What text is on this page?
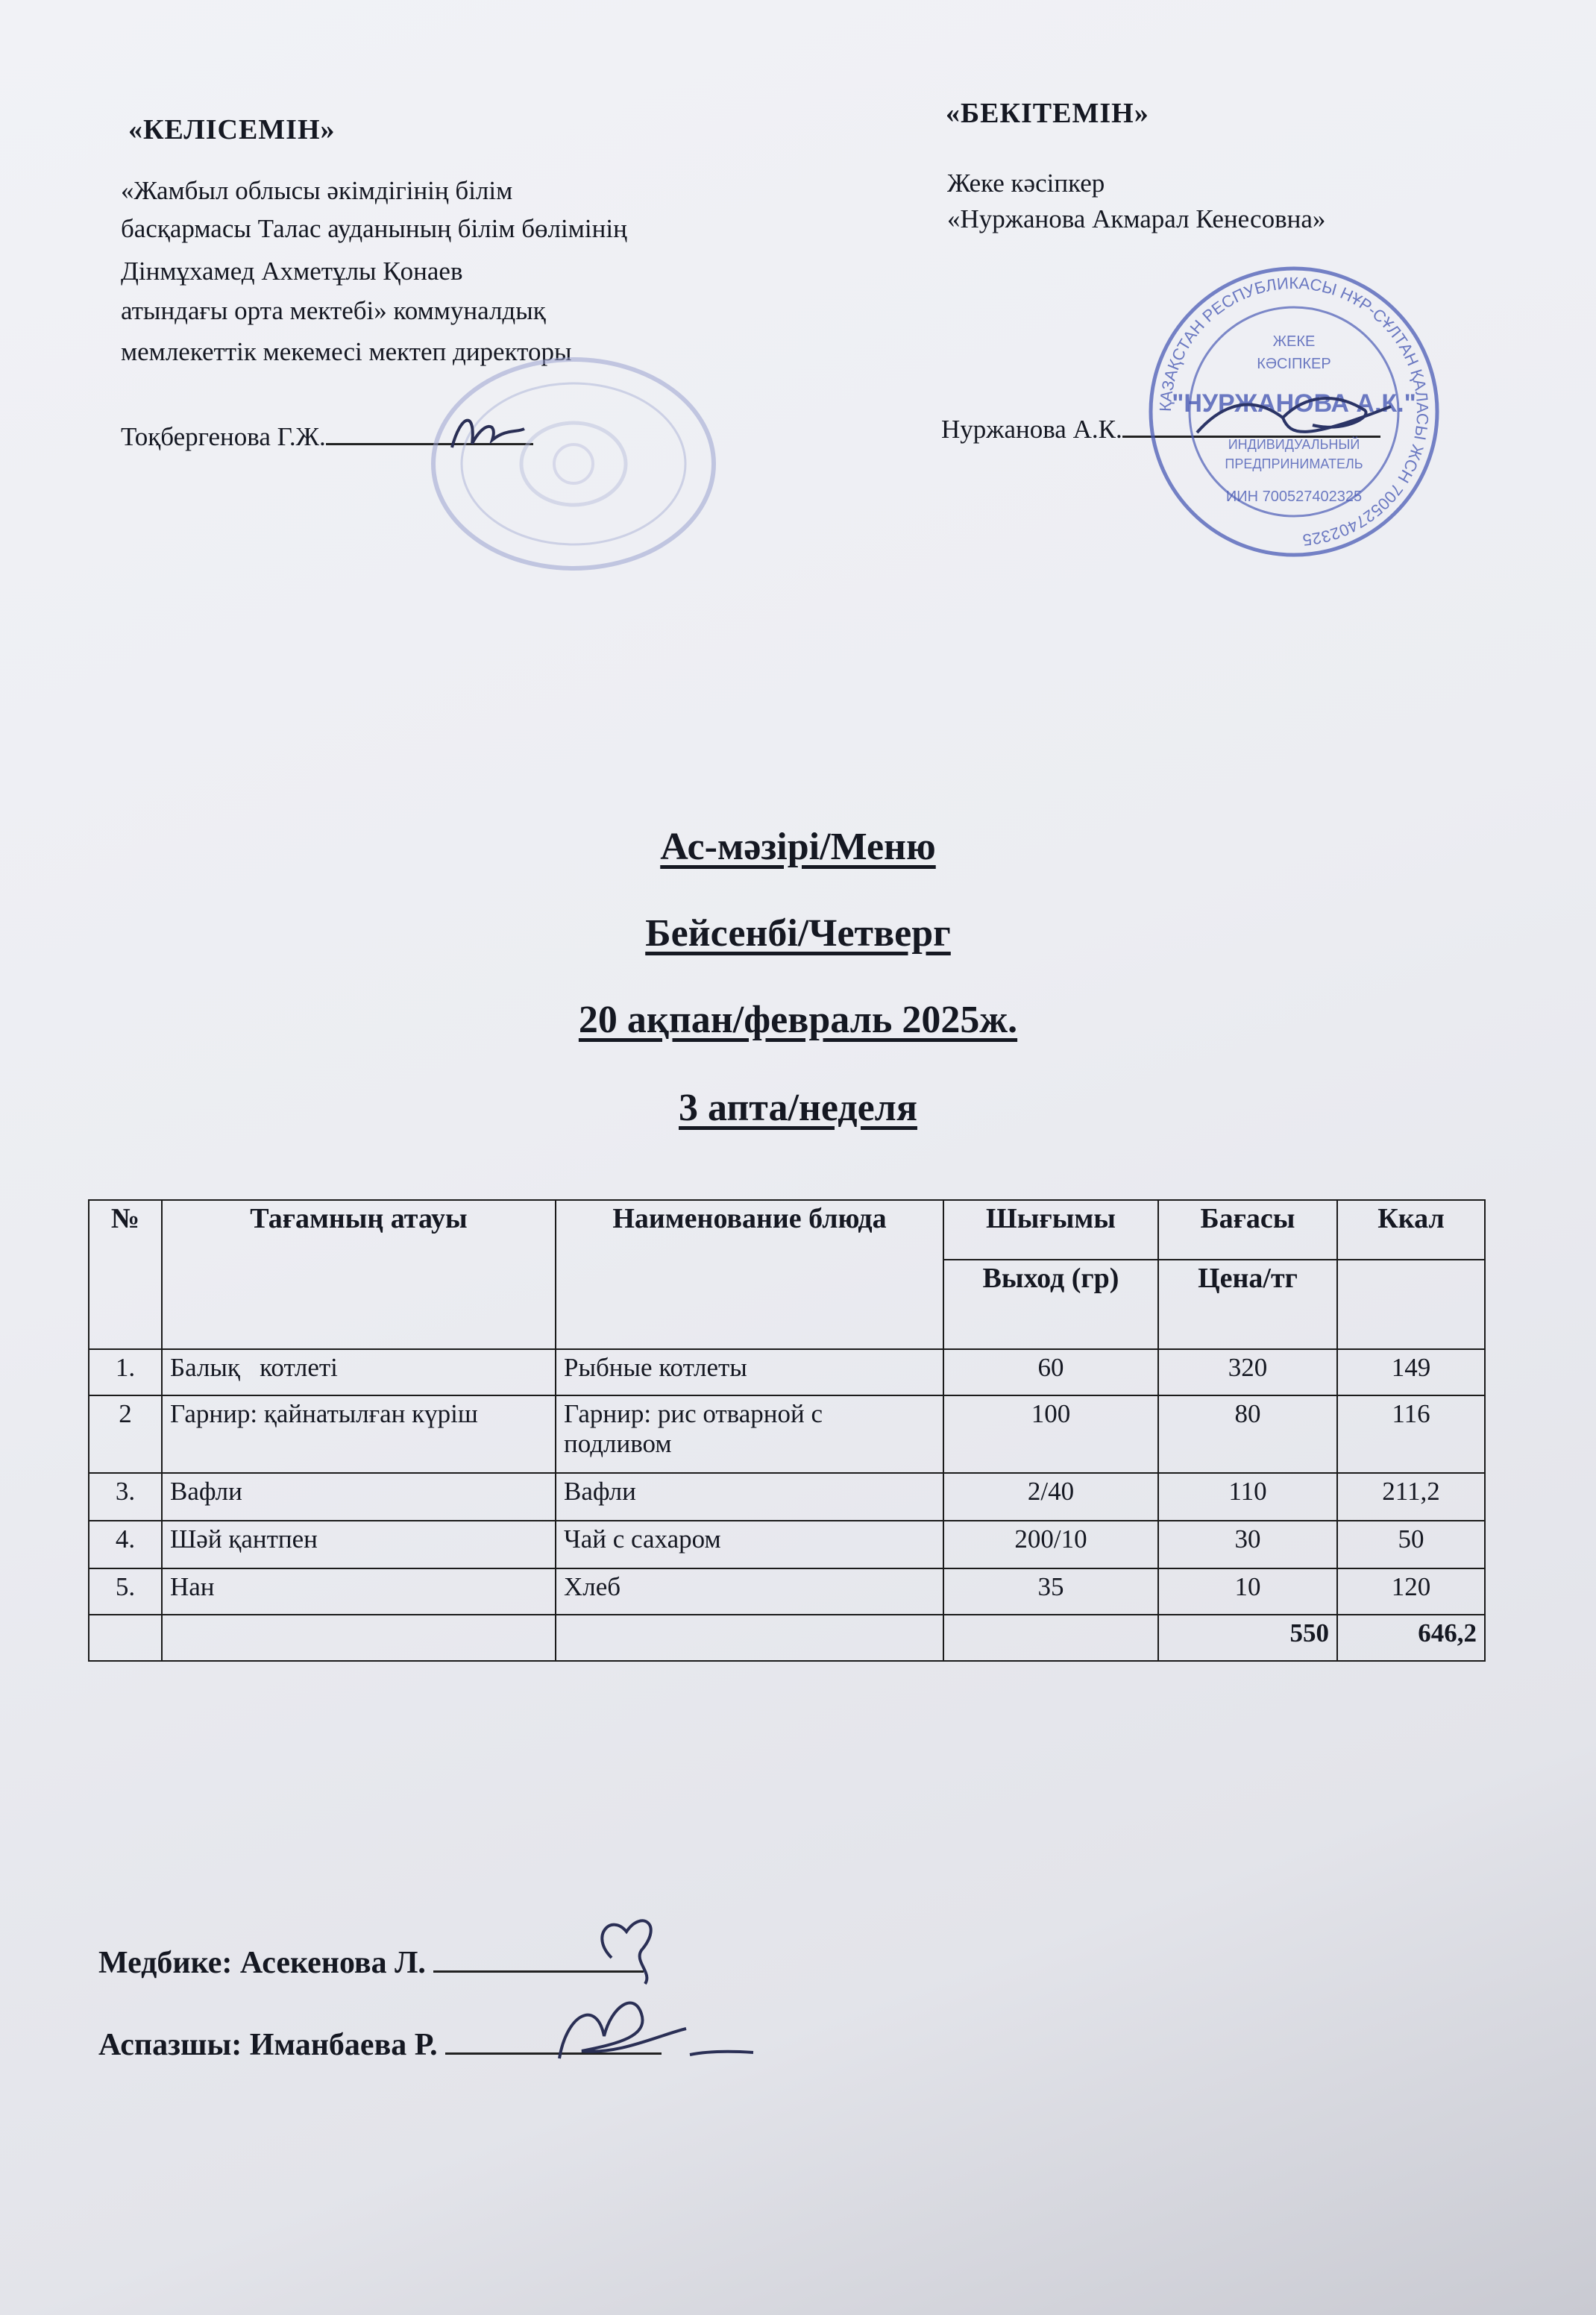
«КЕЛІСЕМІН»
«Жамбыл облысы әкімдігінің білім
басқармасы Талас ауданының білім бөлімінің
Дінмұхамед Ахметұлы Қонаев
атындағы орта мектебі» коммуналдық
мемлекеттік мекемесі мектеп директоры
Тоқбергенова Г.Ж.
«БЕКІТЕМІН»
Жеке кәсіпкер
«Нуржанова Акмарал Кенесовна»
Нуржанова А.К.
ҚАЗАҚСТАН РЕСПУБЛИКАСЫ НҰР-СҰЛТАН ҚАЛАСЫ ЖСН 700527402325
ЖЕКЕ
КӘСІПКЕР
"НУРЖАНОВА А.К."
ИНДИВИДУАЛЬНЫЙ
ПРЕДПРИНИМАТЕЛЬ
ИИН 700527402325
Ас-мәзірі/Меню
Бейсенбі/Четверг
20 ақпан/февраль 2025ж.
3 апта/неделя
№	Тағамның атауы	Наименование блюда	Шығымы	Бағасы	Ккал
			Выход (гр)	Цена/тг	
1.	Балық   котлеті	Рыбные котлеты	60	320	149
2	Гарнир: қайнатылған күріш	Гарнир: рис отварной с подливом	100	80	116
3.	Вафли	Вафли	2/40	110	211,2
4.	Шәй қантпен	Чай с сахаром	200/10	30	50
5.	Нан	Хлеб	35	10	120
				550	646,2
Медбике: Асекенова Л.
Аспазшы: Иманбаева Р.
